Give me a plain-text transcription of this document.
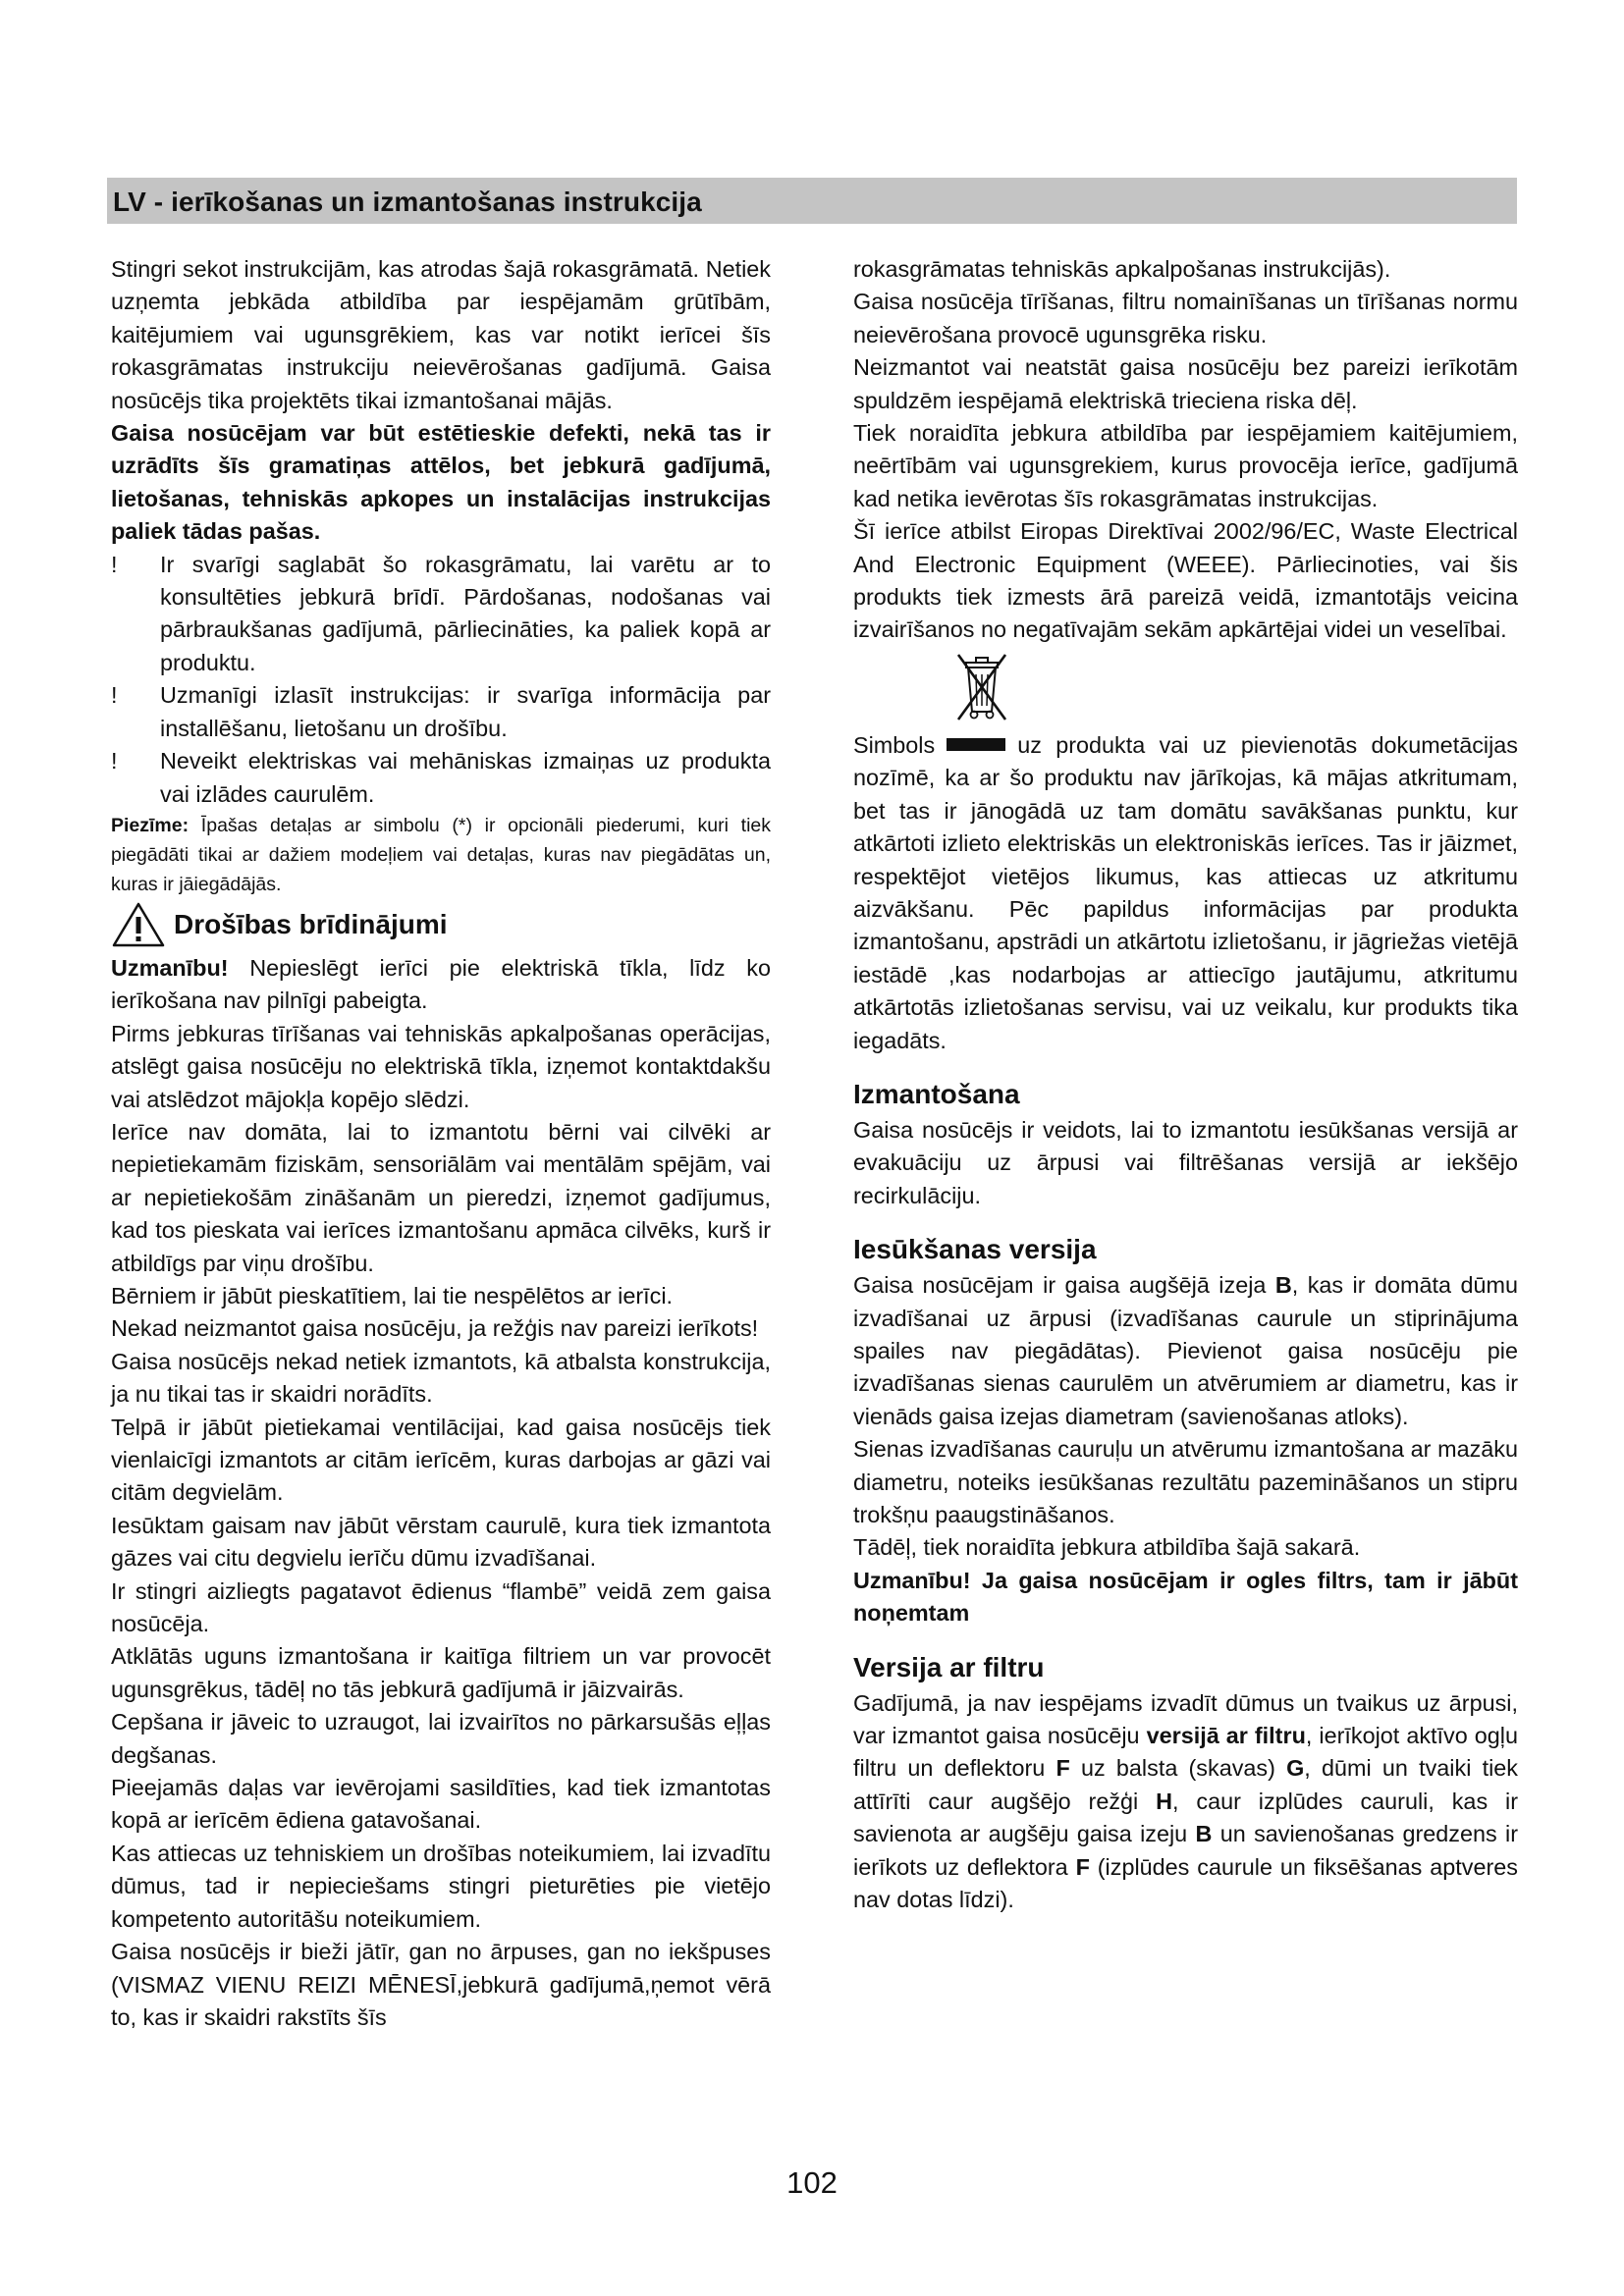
LV - ierīkošanas un izmantošanas instrukcija

Stingri sekot instrukcijām, kas atrodas šajā rokasgrāmatā. Netiek uzņemta jebkāda atbildība par iespējamām grūtībām, kaitējumiem vai ugunsgrēkiem, kas var notikt ierīcei šīs rokasgrāmatas instrukciju neievērošanas gadījumā. Gaisa nosūcējs tika projektēts tikai izmantošanai mājās.

Gaisa nosūcējam var būt estētieskie defekti, nekā tas ir uzrādīts šīs gramatiņas attēlos, bet jebkurā gadījumā, lietošanas, tehniskās apkopes un instalācijas instrukcijas paliek tādas pašas.

!	Ir svarīgi saglabāt šo rokasgrāmatu, lai varētu ar to konsultēties jebkurā brīdī. Pārdošanas, nodošanas vai pārbraukšanas gadījumā, pārliecināties, ka paliek kopā ar produktu.
!	Uzmanīgi izlasīt instrukcijas: ir svarīga informācija par installēšanu, lietošanu un drošību.
!	Neveikt elektriskas vai mehāniskas izmaiņas uz produkta vai izlādes caurulēm.

Piezīme: Īpašas detaļas ar simbolu (*) ir opcionāli piederumi, kuri tiek piegādāti tikai ar dažiem modeļiem vai detaļas, kuras nav piegādātas un, kuras ir jāiegādājās.

Drošības brīdinājumi

Uzmanību! Nepieslēgt ierīci pie elektriskā tīkla, līdz ko ierīkošana nav pilnīgi pabeigta.

Pirms jebkuras tīrīšanas vai tehniskās apkalpošanas operācijas, atslēgt gaisa nosūcēju no elektriskā tīkla, izņemot kontaktdakšu vai atslēdzot mājokļa kopējo slēdzi.

Ierīce nav domāta, lai to izmantotu bērni vai cilvēki ar nepietiekamām fiziskām, sensoriālām vai mentālām spējām, vai ar nepietiekošām zināšanām un pieredzi, izņemot gadījumus, kad tos pieskata vai ierīces izmantošanu apmāca cilvēks, kurš ir atbildīgs par viņu drošību.

Bērniem ir jābūt pieskatītiem, lai tie nespēlētos ar ierīci.

Nekad neizmantot gaisa nosūcēju, ja režģis nav pareizi ierīkots!

Gaisa nosūcējs nekad netiek izmantots, kā atbalsta konstrukcija, ja nu tikai tas ir skaidri norādīts.

Telpā ir jābūt pietiekamai ventilācijai, kad gaisa nosūcējs tiek vienlaicīgi izmantots ar citām ierīcēm, kuras darbojas ar gāzi vai citām degvielām.

Iesūktam gaisam nav jābūt vērstam caurulē, kura tiek izmantota gāzes vai citu degvielu ierīču dūmu izvadīšanai.

Ir stingri aizliegts pagatavot ēdienus “flambē” veidā zem gaisa nosūcēja.

Atklātās uguns izmantošana ir kaitīga filtriem un var provocēt ugunsgrēkus, tādēļ no tās jebkurā gadījumā ir jāizvairās.

Cepšana ir jāveic to uzraugot, lai izvairītos no pārkarsušās eļļas degšanas.

Pieejamās daļas var ievērojami sasildīties, kad tiek izmantotas kopā ar ierīcēm ēdiena gatavošanai.

Kas attiecas uz tehniskiem un drošības noteikumiem, lai izvadītu dūmus, tad ir nepieciešams stingri pieturēties pie vietējo kompetento autoritāšu noteikumiem.

Gaisa nosūcējs ir bieži jātīr, gan no ārpuses, gan no iekšpuses (VISMAZ VIENU REIZI MĒNESĪ,jebkurā gadījumā,ņemot vērā to, kas ir skaidri rakstīts šīs

rokasgrāmatas tehniskās apkalpošanas instrukcijās).

Gaisa nosūcēja tīrīšanas, filtru nomainīšanas un tīrīšanas normu neievērošana provocē ugunsgrēka risku.

Neizmantot vai neatstāt gaisa nosūcēju bez pareizi ierīkotām spuldzēm iespējamā elektriskā trieciena riska dēļ.

Tiek noraidīta jebkura atbildība par iespējamiem kaitējumiem, neērtībām vai ugunsgrekiem, kurus provocēja ierīce, gadījumā kad netika ievērotas šīs rokasgrāmatas instrukcijas.

Šī ierīce atbilst Eiropas Direktīvai 2002/96/EC, Waste Electrical And Electronic Equipment (WEEE). Pārliecinoties, vai šis produkts tiek izmests ārā pareizā veidā, izmantotājs veicina izvairīšanos no negatīvajām sekām apkārtējai videi un veselībai.

Simbols	uz produkta vai uz pievienotās dokumetācijas nozīmē, ka ar šo produktu nav jārīkojas, kā mājas atkritumam, bet tas ir jānogādā uz tam domātu savākšanas punktu, kur atkārtoti izlieto elektriskās un elektroniskās ierīces. Tas ir jāizmet, respektējot vietējos likumus, kas attiecas uz atkritumu aizvākšanu. Pēc papildus informācijas par produkta izmantošanu, apstrādi un atkārtotu izlietošanu, ir jāgriežas vietējā iestādē ,kas nodarbojas ar attiecīgo jautājumu, atkritumu atkārtotās izlietošanas servisu, vai uz veikalu, kur produkts tika iegadāts.

Izmantošana

Gaisa nosūcējs ir veidots, lai to izmantotu iesūkšanas versijā ar evakuāciju uz ārpusi vai filtrēšanas versijā ar iekšējo recirkulāciju.

Iesūkšanas versija

Gaisa nosūcējam ir gaisa augšējā izeja B, kas ir domāta dūmu izvadīšanai uz ārpusi (izvadīšanas caurule un stiprinājuma spailes nav piegādātas). Pievienot gaisa nosūcēju pie izvadīšanas sienas caurulēm un atvērumiem ar diametru, kas ir vienāds gaisa izejas diametram (savienošanas atloks).

Sienas izvadīšanas cauruļu un atvērumu izmantošana ar mazāku diametru, noteiks iesūkšanas rezultātu pazemināšanos un stipru trokšņu paaugstināšanos.

Tādēļ, tiek noraidīta jebkura atbildība šajā sakarā.

Uzmanību! Ja gaisa nosūcējam ir ogles filtrs, tam ir jābūt noņemtam

Versija ar filtru

Gadījumā, ja nav iespējams izvadīt dūmus un tvaikus uz ārpusi, var izmantot gaisa nosūcēju versijā ar filtru, ierīkojot aktīvo ogļu filtru un deflektoru F uz balsta (skavas) G, dūmi un tvaiki tiek attīrīti caur augšējo režģi H, caur izplūdes cauruli, kas ir savienota ar augšēju gaisa izeju B un savienošanas gredzens ir ierīkots uz deflektora F (izplūdes caurule un fiksēšanas aptveres nav dotas līdzi).

102
